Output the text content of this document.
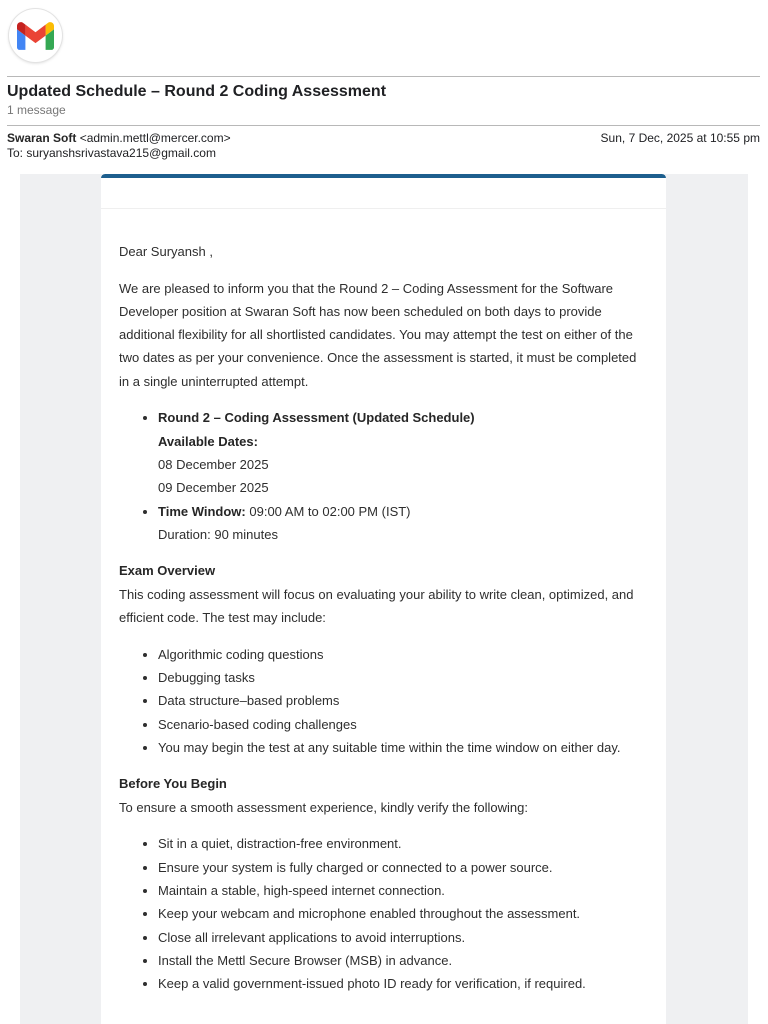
Updated Schedule – Round 2 Coding Assessment
1 message
Swaran Soft <admin.mettl@mercer.com>	Sun, 7 Dec, 2025 at 10:55 pm
To: suryanshsrivastava215@gmail.com

Dear Suryansh ,

We are pleased to inform you that the Round 2 – Coding Assessment for the Software Developer position at Swaran Soft has now been scheduled on both days to provide additional flexibility for all shortlisted candidates. You may attempt the test on either of the two dates as per your convenience. Once the assessment is started, it must be completed in a single uninterrupted attempt.

• Round 2 – Coding Assessment (Updated Schedule)
Available Dates:
08 December 2025
09 December 2025
• Time Window: 09:00 AM to 02:00 PM (IST)
Duration: 90 minutes
Exam Overview
This coding assessment will focus on evaluating your ability to write clean, optimized, and efficient code. The test may include:
• Algorithmic coding questions
• Debugging tasks
• Data structure–based problems
• Scenario-based coding challenges
• You may begin the test at any suitable time within the time window on either day.
Before You Begin
To ensure a smooth assessment experience, kindly verify the following:
• Sit in a quiet, distraction-free environment.
• Ensure your system is fully charged or connected to a power source.
• Maintain a stable, high-speed internet connection.
• Keep your webcam and microphone enabled throughout the assessment.
• Close all irrelevant applications to avoid interruptions.
• Install the Mettl Secure Browser (MSB) in advance.
• Keep a valid government-issued photo ID ready for verification, if required.
